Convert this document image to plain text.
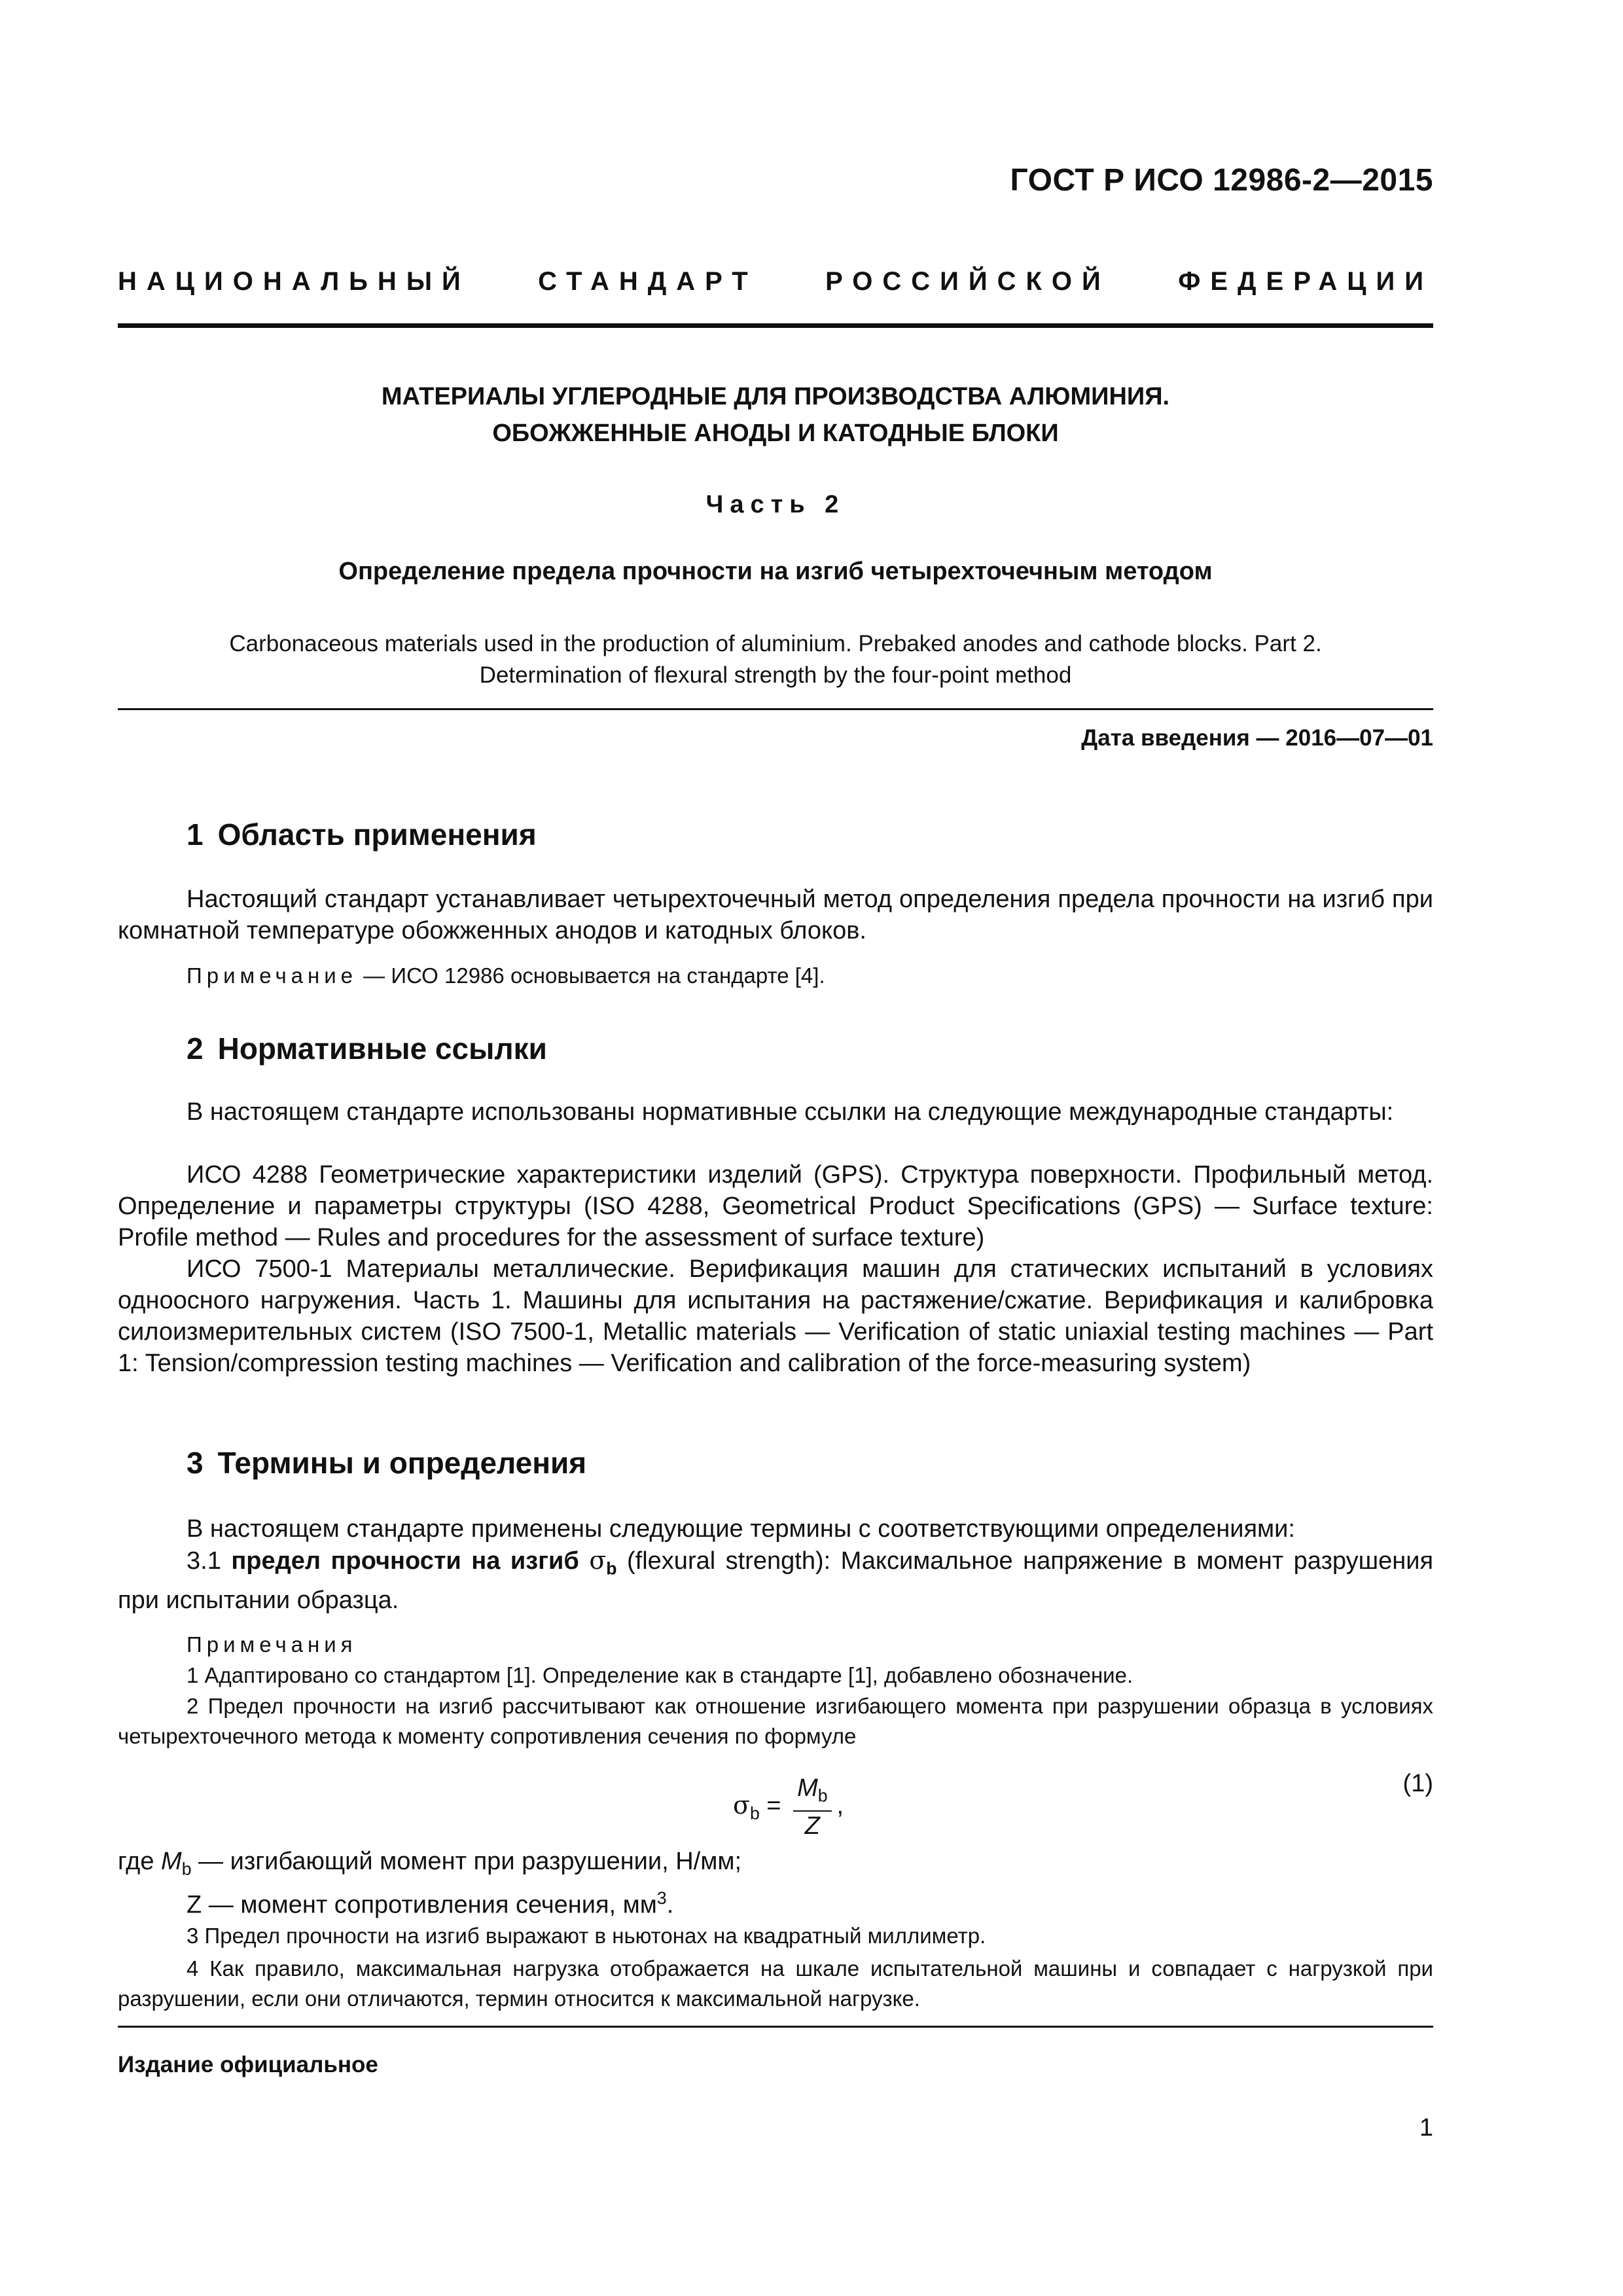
ГОСТ Р ИСО 12986-2—2015
НАЦИОНАЛЬНЫЙ	СТАНДАРТ	РОССИЙСКОЙ	ФЕДЕРАЦИИ
МАТЕРИАЛЫ УГЛЕРОДНЫЕ ДЛЯ ПРОИЗВОДСТВА АЛЮМИНИЯ.
ОБОЖЖЕННЫЕ АНОДЫ И КАТОДНЫЕ БЛОКИ
Часть 2
Определение предела прочности на изгиб четырехточечным методом
Carbonaceous materials used in the production of aluminium. Prebaked anodes and cathode blocks. Part 2.
Determination of flexural strength by the four-point method
Дата введения — 2016—07—01
1 Область применения
Настоящий стандарт устанавливает четырехточечный метод определения предела прочности на изгиб при комнатной температуре обожженных анодов и катодных блоков.
Примечание — ИСО 12986 основывается на стандарте [4].
2 Нормативные ссылки
В настоящем стандарте использованы нормативные ссылки на следующие международные стандарты:
ИСО 4288 Геометрические характеристики изделий (GPS). Структура поверхности. Профильный метод. Определение и параметры структуры (ISO 4288, Geometrical Product Specifications (GPS) — Surface texture: Profile method — Rules and procedures for the assessment of surface texture)
ИСО 7500-1 Материалы металлические. Верификация машин для статических испытаний в условиях одноосного нагружения. Часть 1. Машины для испытания на растяжение/сжатие. Верификация и калибровка силоизмерительных систем (ISO 7500-1, Metallic materials — Verification of static uniaxial testing machines — Part 1: Tension/compression testing machines — Verification and calibration of the force-measuring system)
3 Термины и определения
В настоящем стандарте применены следующие термины с соответствующими определениями:
3.1 предел прочности на изгиб $\sigma_b$ (flexural strength): Максимальное напряжение в момент разрушения при испытании образца.
Примечания
1 Адаптировано со стандартом [1]. Определение как в стандарте [1], добавлено обозначение.
2 Предел прочности на изгиб рассчитывают как отношение изгибающего момента при разрушении образца в условиях четырехточечного метода к моменту сопротивления сечения по формуле
$\sigma_b = \frac{M_b}{Z}$ ,
(1)
где $M_b$ — изгибающий момент при разрушении, Н/мм;
Z — момент сопротивления сечения, $мм^3$.
3 Предел прочности на изгиб выражают в ньютонах на квадратный миллиметр.
4 Как правило, максимальная нагрузка отображается на шкале испытательной машины и совпадает с нагрузкой при разрушении, если они отличаются, термин относится к максимальной нагрузке.
Издание официальное
1
